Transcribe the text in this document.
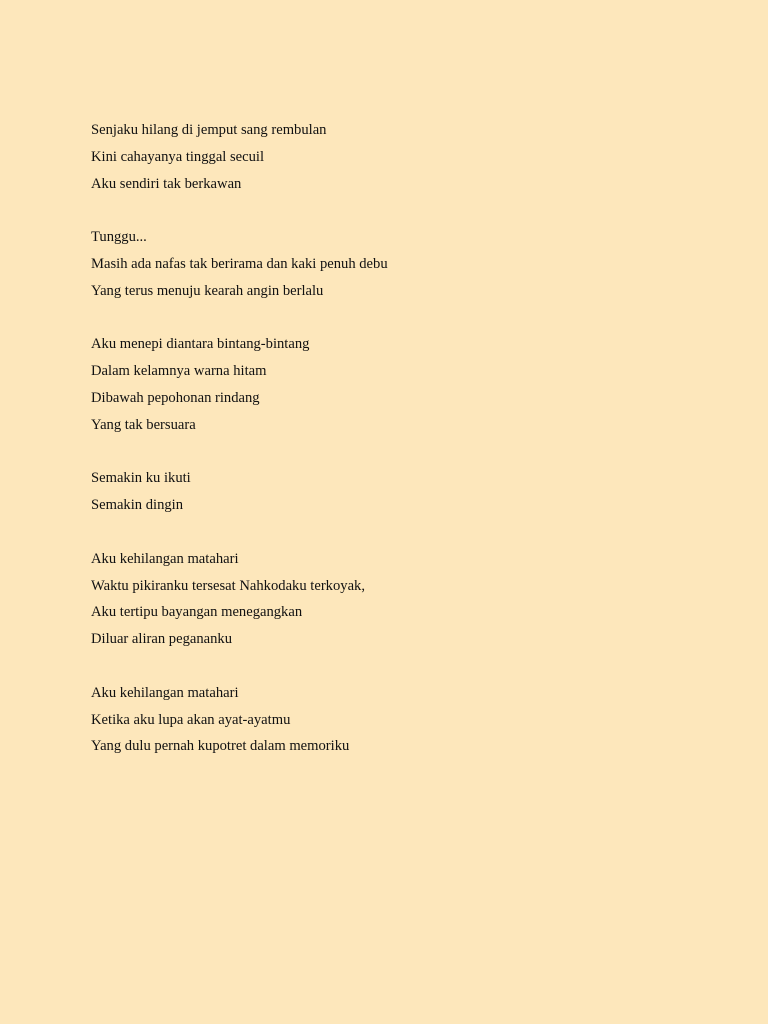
Senjaku hilang di jemput sang rembulan
Kini cahayanya tinggal secuil
Aku sendiri tak berkawan
Tunggu...
Masih ada nafas tak berirama dan kaki penuh debu
Yang terus menuju kearah angin berlalu
Aku menepi diantara bintang-bintang
Dalam kelamnya warna hitam
Dibawah pepohonan rindang
Yang tak bersuara
Semakin ku ikuti
Semakin dingin
Aku kehilangan matahari
Waktu pikiranku tersesat Nahkodaku terkoyak,
Aku tertipu bayangan menegangkan
Diluar aliran pegananku
Aku kehilangan matahari
Ketika aku lupa akan ayat-ayatmu
Yang dulu pernah kupotret dalam memoriku
